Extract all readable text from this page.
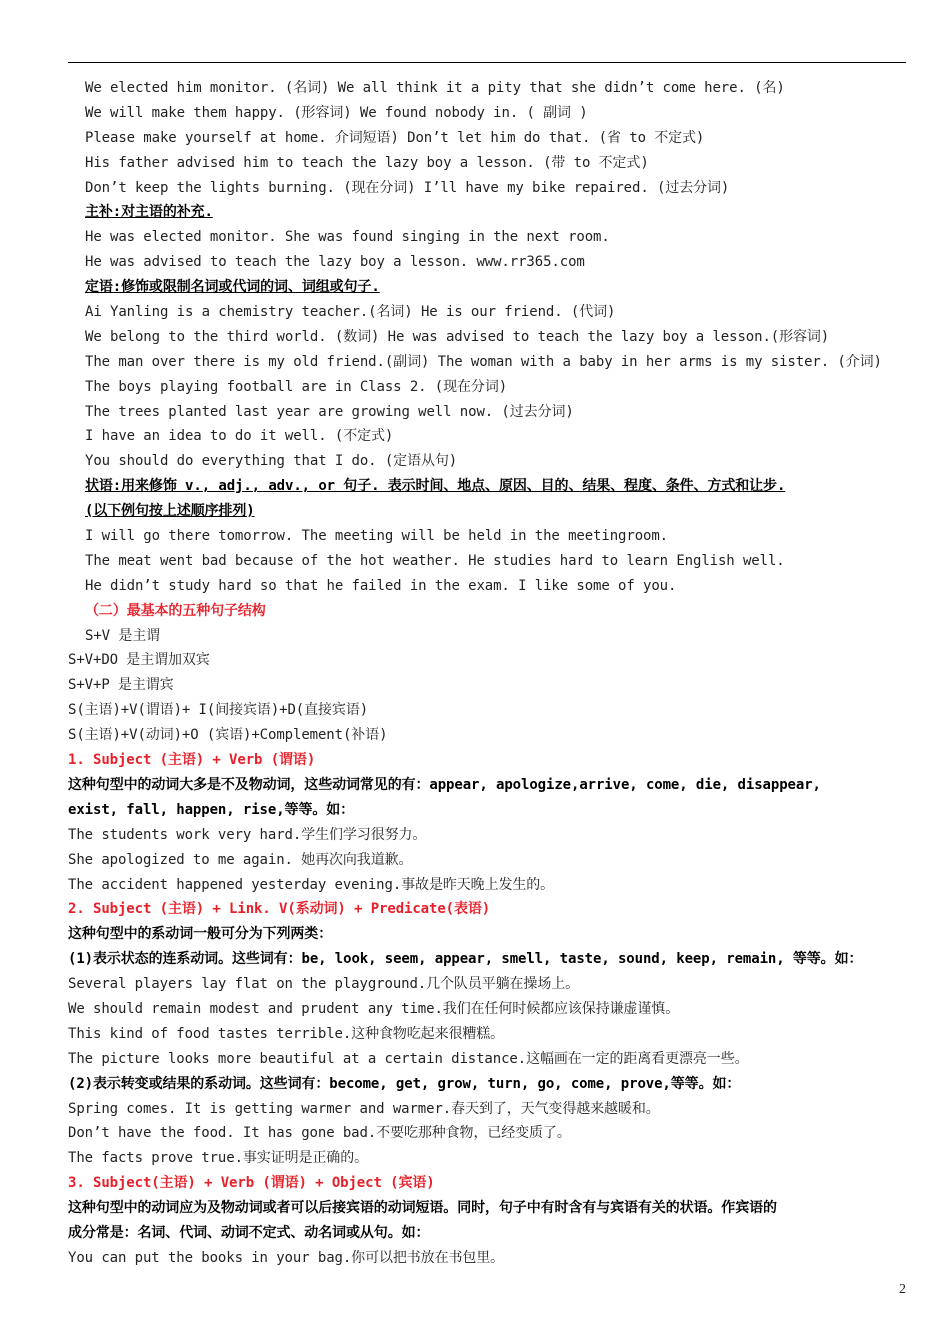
We elected him monitor. (名词) We all think it a pity that she didn’t come here. (名)
We will make them happy. (形容词) We found nobody in. ( 副词 )
Please make yourself at home. 介词短语) Don’t let him do that. (省 to 不定式)
His father advised him to teach the lazy boy a lesson. (带 to 不定式)
Don’t keep the lights burning. (现在分词) I’ll have my bike repaired. (过去分词)
主补:对主语的补充.
He was elected monitor. She was found singing in the next room.
He was advised to teach the lazy boy a lesson. www.rr365.com
定语:修饰或限制名词或代词的词、词组或句子.
Ai Yanling is a chemistry teacher.(名词) He is our friend. (代词)
We belong to the third world. (数词) He was advised to teach the lazy boy a lesson.(形容词)
The man over there is my old friend.(副词) The woman with a baby in her arms is my sister. (介词)
The boys playing football are in Class 2. (现在分词)
The trees planted last year are growing well now. (过去分词)
I have an idea to do it well. (不定式)
You should do everything that I do. (定语从句)
状语:用来修饰 v., adj., adv., or 句子. 表示时间、地点、原因、目的、结果、程度、条件、方式和让步.
(以下例句按上述顺序排列)
I will go there tomorrow. The meeting will be held in the meetingroom.
The meat went bad because of the hot weather. He studies hard to learn English well.
He didn’t study hard so that he failed in the exam. I like some of you.
（二）最基本的五种句子结构
S+V 是主谓
S+V+DO 是主谓加双宾
S+V+P 是主谓宾
S(主语)+V(谓语)+ I(间接宾语)+D(直接宾语)
S(主语)+V(动词)+O (宾语)+Complement(补语)
1. Subject (主语) + Verb (谓语)
这种句型中的动词大多是不及物动词，这些动词常见的有：appear, apologize,arrive, come, die, disappear,
exist, fall, happen, rise,等等。如：
The students work very hard.学生们学习很努力。
She apologized to me again. 她再次向我道歉。
The accident happened yesterday evening.事故是昨天晚上发生的。
2. Subject (主语) + Link. V(系动词) + Predicate(表语)
这种句型中的系动词一般可分为下列两类：
(1)表示状态的连系动词。这些词有：be, look, seem, appear, smell, taste, sound, keep, remain, 等等。如：
Several players lay flat on the playground.几个队员平躺在操场上。
We should remain modest and prudent any time.我们在任何时候都应该保持谦虚谨慎。
This kind of food tastes terrible.这种食物吃起来很糟糕。
The picture looks more beautiful at a certain distance.这幅画在一定的距离看更漂亮一些。
(2)表示转变或结果的系动词。这些词有：become, get, grow, turn, go, come, prove,等等。如：
Spring comes. It is getting warmer and warmer.春天到了，天气变得越来越暖和。
Don’t have the food. It has gone bad.不要吃那种食物，已经变质了。
The facts prove true.事实证明是正确的。
3. Subject(主语) + Verb (谓语) + Object (宾语)
这种句型中的动词应为及物动词或者可以后接宾语的动词短语。同时，句子中有时含有与宾语有关的状语。作宾语的
成分常是：名词、代词、动词不定式、动名词或从句。如：
You can put the books in your bag.你可以把书放在书包里。
2
